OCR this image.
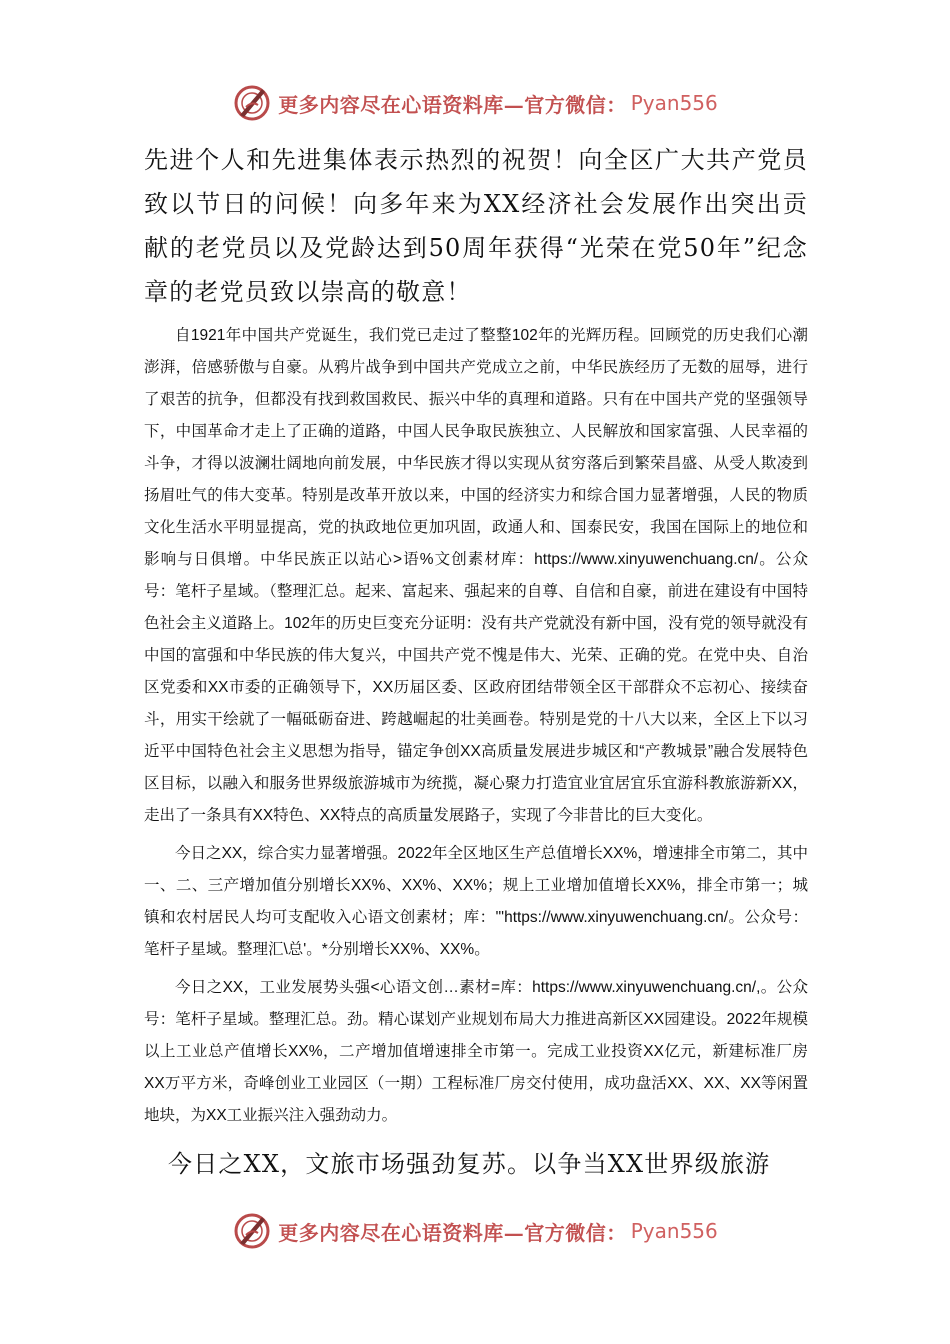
更多内容尽在心语资料库—官方微信： Pyan556

先进个人和先进集体表示热烈的祝贺！向全区广大共产党员致以节日的问候！向多年来为XX经济社会发展作出突出贡献的老党员以及党龄达到50周年获得“光荣在党50年”纪念章的老党员致以崇高的敬意！

自1921年中国共产党诞生，我们党已走过了整整102年的光辉历程。回顾党的历史我们心潮澎湃，倍感骄傲与自豪。从鸦片战争到中国共产党成立之前，中华民族经历了无数的屈辱，进行了艰苦的抗争，但都没有找到救国救民、振兴中华的真理和道路。只有在中国共产党的坚强领导下，中国革命才走上了正确的道路，中国人民争取民族独立、人民解放和国家富强、人民幸福的斗争，才得以波澜壮阔地向前发展，中华民族才得以实现从贫穷落后到繁荣昌盛、从受人欺凌到扬眉吐气的伟大变革。特别是改革开放以来，中国的经济实力和综合国力显著增强，人民的物质文化生活水平明显提高，党的执政地位更加巩固，政通人和、国泰民安，我国在国际上的地位和影响与日俱增。中华民族正以站心>语%文创素材库：https://www.xinyuwenchuang.cn/。公众号：笔杆子星域。（整理汇总。起来、富起来、强起来的自尊、自信和自豪，前进在建设有中国特色社会主义道路上。102年的历史巨变充分证明：没有共产党就没有新中国，没有党的领导就没有中国的富强和中华民族的伟大复兴，中国共产党不愧是伟大、光荣、正确的党。在党中央、自治区党委和XX市委的正确领导下，XX历届区委、区政府团结带领全区干部群众不忘初心、接续奋斗，用实干绘就了一幅砥砺奋进、跨越崛起的壮美画卷。特别是党的十八大以来，全区上下以习近平中国特色社会主义思想为指导，锚定争创XX高质量发展进步城区和“产教城景”融合发展特色区目标，以融入和服务世界级旅游城市为统揽，凝心聚力打造宜业宜居宜乐宜游科教旅游新XX，走出了一条具有XX特色、XX特点的高质量发展路子，实现了今非昔比的巨大变化。

今日之XX，综合实力显著增强。2022年全区地区生产总值增长XX%，增速排全市第二，其中一、二、三产增加值分别增长XX%、XX%、XX%；规上工业增加值增长XX%，排全市第一；城镇和农村居民人均可支配收入心语文创素材；库："'https://www.xinyuwenchuang.cn/。公众号：笔杆子星域。整理汇\总'。*分别增长XX%、XX%。

今日之XX，工业发展势头强<心语文创…素材=库：https://www.xinyuwenchuang.cn/,。公众号：笔杆子星域。整理汇总。劲。精心谋划产业规划布局大力推进高新区XX园建设。2022年规模以上工业总产值增长XX%，二产增加值增速排全市第一。完成工业投资XX亿元，新建标准厂房XX万平方米，奇峰创业工业园区（一期）工程标准厂房交付使用，成功盘活XX、XX、XX等闲置地块，为XX工业振兴注入强劲动力。

今日之XX，文旅市场强劲复苏。以争当XX世界级旅游

更多内容尽在心语资料库—官方微信： Pyan556
